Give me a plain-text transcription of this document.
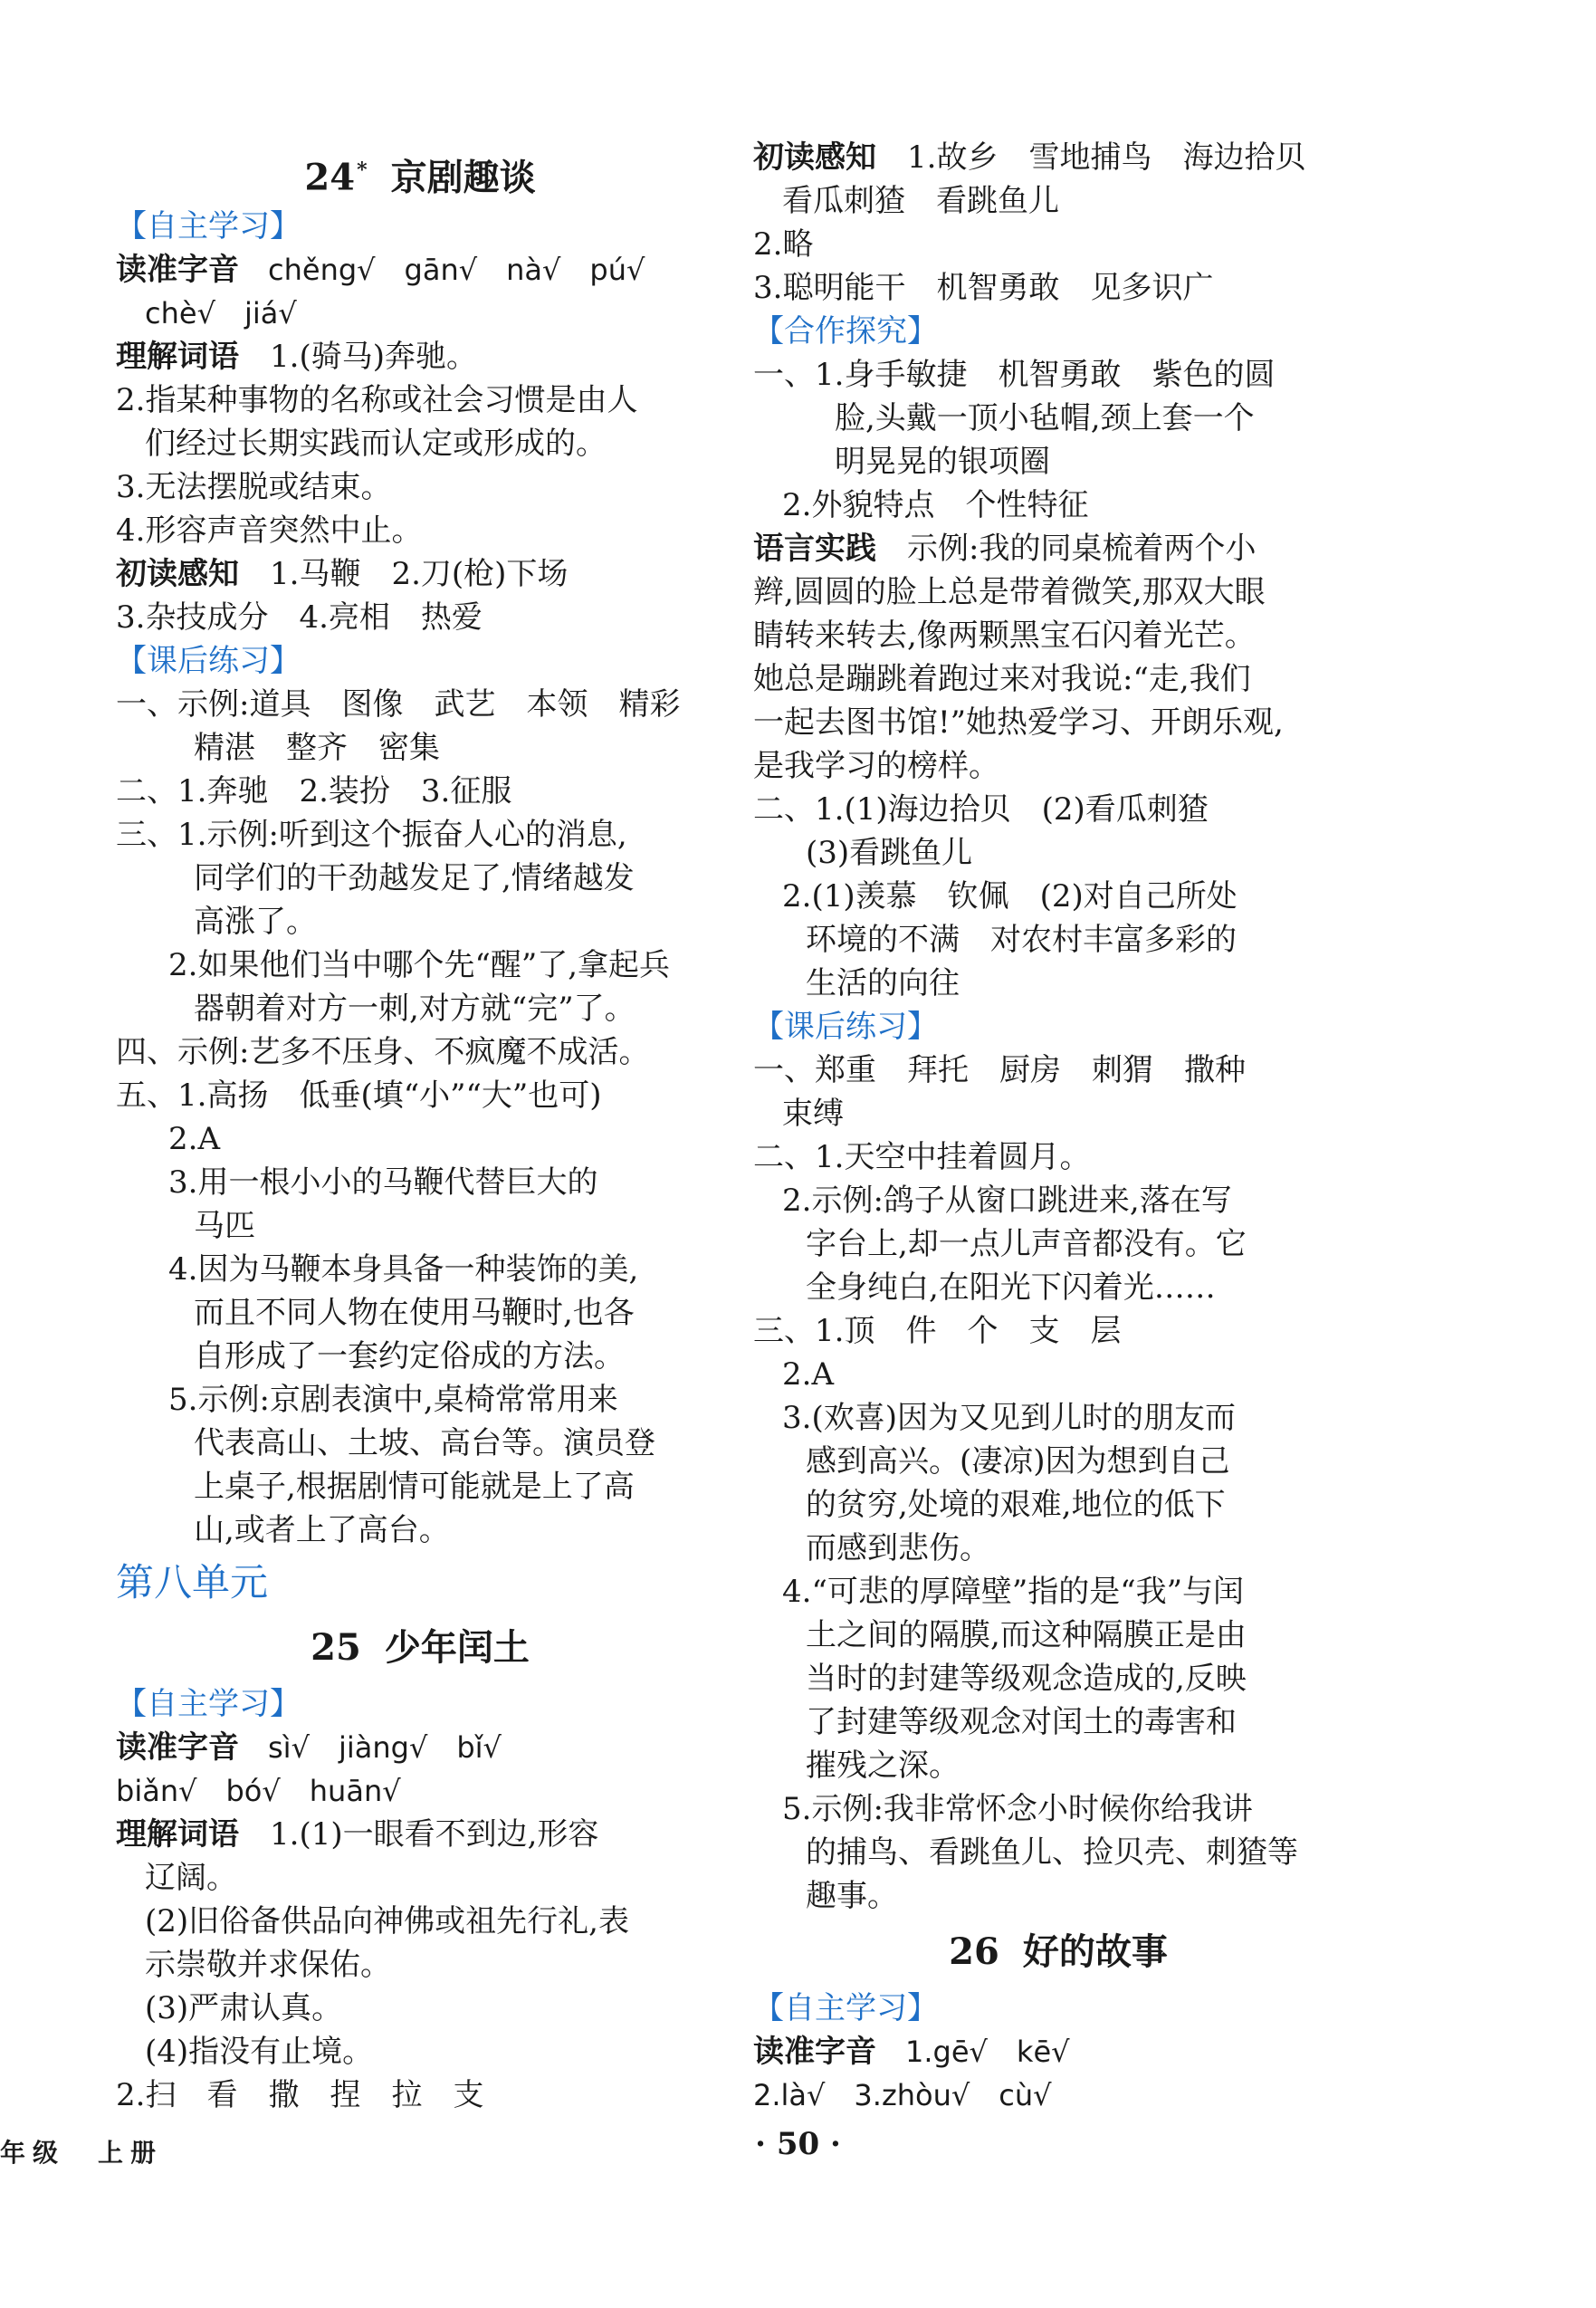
24* 京剧趣谈
【自主学习】
读准字音　chěng√　gān√　nà√　pú√
chè√　jiá√
理解词语　1.(骑马)奔驰。
2.指某种事物的名称或社会习惯是由人
们经过长期实践而认定或形成的。
3.无法摆脱或结束。
4.形容声音突然中止。
初读感知　1.马鞭　2.刀(枪)下场
3.杂技成分　4.亮相　热爱
【课后练习】
一、示例:道具　图像　武艺　本领　精彩
精湛　整齐　密集
二、1.奔驰　2.装扮　3.征服
三、1.示例:听到这个振奋人心的消息,
同学们的干劲越发足了,情绪越发
高涨了。
2.如果他们当中哪个先“醒”了,拿起兵
器朝着对方一刺,对方就“完”了。
四、示例:艺多不压身、不疯魔不成活。
五、1.高扬　低垂(填“小”“大”也可)
2.A
3.用一根小小的马鞭代替巨大的
马匹
4.因为马鞭本身具备一种装饰的美,
而且不同人物在使用马鞭时,也各
自形成了一套约定俗成的方法。
5.示例:京剧表演中,桌椅常常用来
代表高山、土坡、高台等。演员登
上桌子,根据剧情可能就是上了高
山,或者上了高台。
第八单元
25 少年闰土
【自主学习】
读准字音　sì√　jiàng√　bǐ√
biǎn√　bó√　huān√
理解词语　1.(1)一眼看不到边,形容
辽阔。
(2)旧俗备供品向神佛或祖先行礼,表
示崇敬并求保佑。
(3)严肃认真。
(4)指没有止境。
2.扫　看　撒　捏　拉　支
初读感知　1.故乡　雪地捕鸟　海边拾贝
看瓜刺猹　看跳鱼儿
2.略
3.聪明能干　机智勇敢　见多识广
【合作探究】
一、1.身手敏捷　机智勇敢　紫色的圆
脸,头戴一顶小毡帽,颈上套一个
明晃晃的银项圈
2.外貌特点　个性特征
语言实践　示例:我的同桌梳着两个小
辫,圆圆的脸上总是带着微笑,那双大眼
睛转来转去,像两颗黑宝石闪着光芒。
她总是蹦跳着跑过来对我说:“走,我们
一起去图书馆!”她热爱学习、开朗乐观,
是我学习的榜样。
二、1.(1)海边拾贝　(2)看瓜刺猹
(3)看跳鱼儿
2.(1)羡慕　钦佩　(2)对自己所处
环境的不满　对农村丰富多彩的
生活的向往
【课后练习】
一、郑重　拜托　厨房　刺猬　撒种
束缚
二、1.天空中挂着圆月。
2.示例:鸽子从窗口跳进来,落在写
字台上,却一点儿声音都没有。它
全身纯白,在阳光下闪着光……
三、1.顶　件　个　支　层
2.A
3.(欢喜)因为又见到儿时的朋友而
感到高兴。(凄凉)因为想到自己
的贫穷,处境的艰难,地位的低下
而感到悲伤。
4.“可悲的厚障壁”指的是“我”与闰
土之间的隔膜,而这种隔膜正是由
当时的封建等级观念造成的,反映
了封建等级观念对闰土的毒害和
摧残之深。
5.示例:我非常怀念小时候你给我讲
的捕鸟、看跳鱼儿、捡贝壳、刺猹等
趣事。
26 好的故事
【自主学习】
读准字音　1.gē√　kē√
2.là√　3.zhòu√　cù√
年级　上册	· 50 ·
